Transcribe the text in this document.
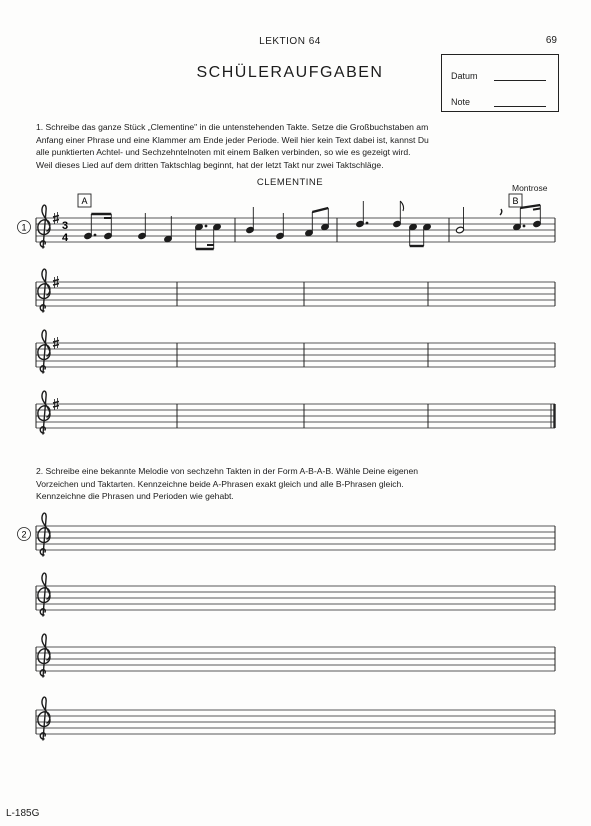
LEKTION 64	69
SCHÜLERAUFGABEN	Datum
Note
1. Schreibe das ganze Stück „Clementine" in die untenstehenden Takte. Setze die Großbuchstaben am
Anfang einer Phrase und eine Klammer am Ende jeder Periode. Weil hier kein Text dabei ist, kannst Du
alle punktierten Achtel- und Sechzehntelnoten mit einem Balken verbinden, so wie es gezeigt wird.
Weil dieses Lied auf dem dritten Taktschlag beginnt, hat der letzt Takt nur zwei Taktschläge.
CLEMENTINE	Montrose
2. Schreibe eine bekannte Melodie von sechzehn Takten in der Form A-B-A-B. Wähle Deine eigenen
Vorzeichen und Taktarten. Kennzeichne beide A-Phrasen exakt gleich und alle B-Phrasen gleich.
Kennzeichne die Phrasen und Perioden wie gehabt.
L-185G
3
4
A	B
1
2
